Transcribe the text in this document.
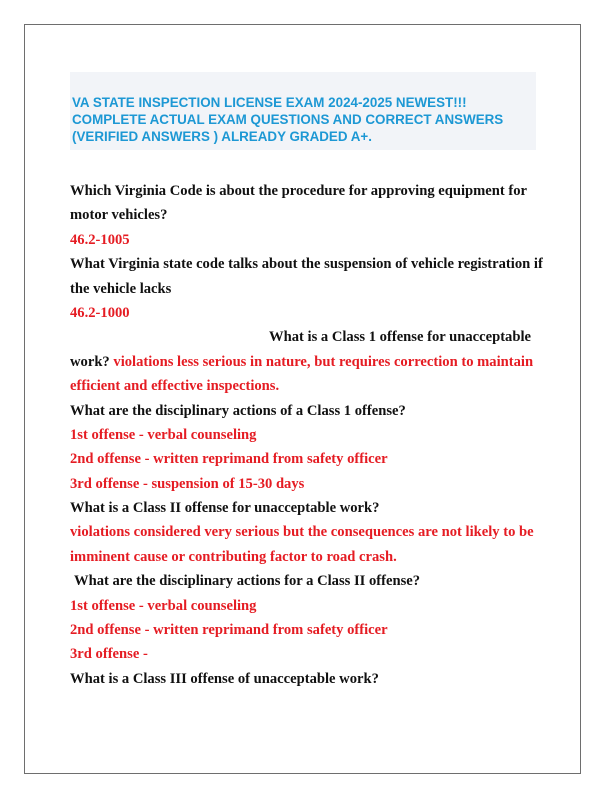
VA STATE INSPECTION LICENSE EXAM 2024-2025 NEWEST!!!

COMPLETE ACTUAL EXAM QUESTIONS AND CORRECT ANSWERS

(VERIFIED ANSWERS ) ALREADY GRADED A+.

Which Virginia Code is about the procedure for approving equipment for

motor vehicles?

46.2-1005

What Virginia state code talks about the suspension of vehicle registration if

the vehicle lacks

46.2-1000

What is a Class 1 offense for unacceptable

work? violations less serious in nature, but requires correction to maintain

efficient and effective inspections.

What are the disciplinary actions of a Class 1 offense?

1st offense - verbal counseling

2nd offense - written reprimand from safety officer

3rd offense - suspension of 15-30 days

What is a Class II offense for unacceptable work?

violations considered very serious but the consequences are not likely to be

imminent cause or contributing factor to road crash.

What are the disciplinary actions for a Class II offense?

1st offense - verbal counseling

2nd offense - written reprimand from safety officer

3rd offense -

What is a Class III offense of unacceptable work?
